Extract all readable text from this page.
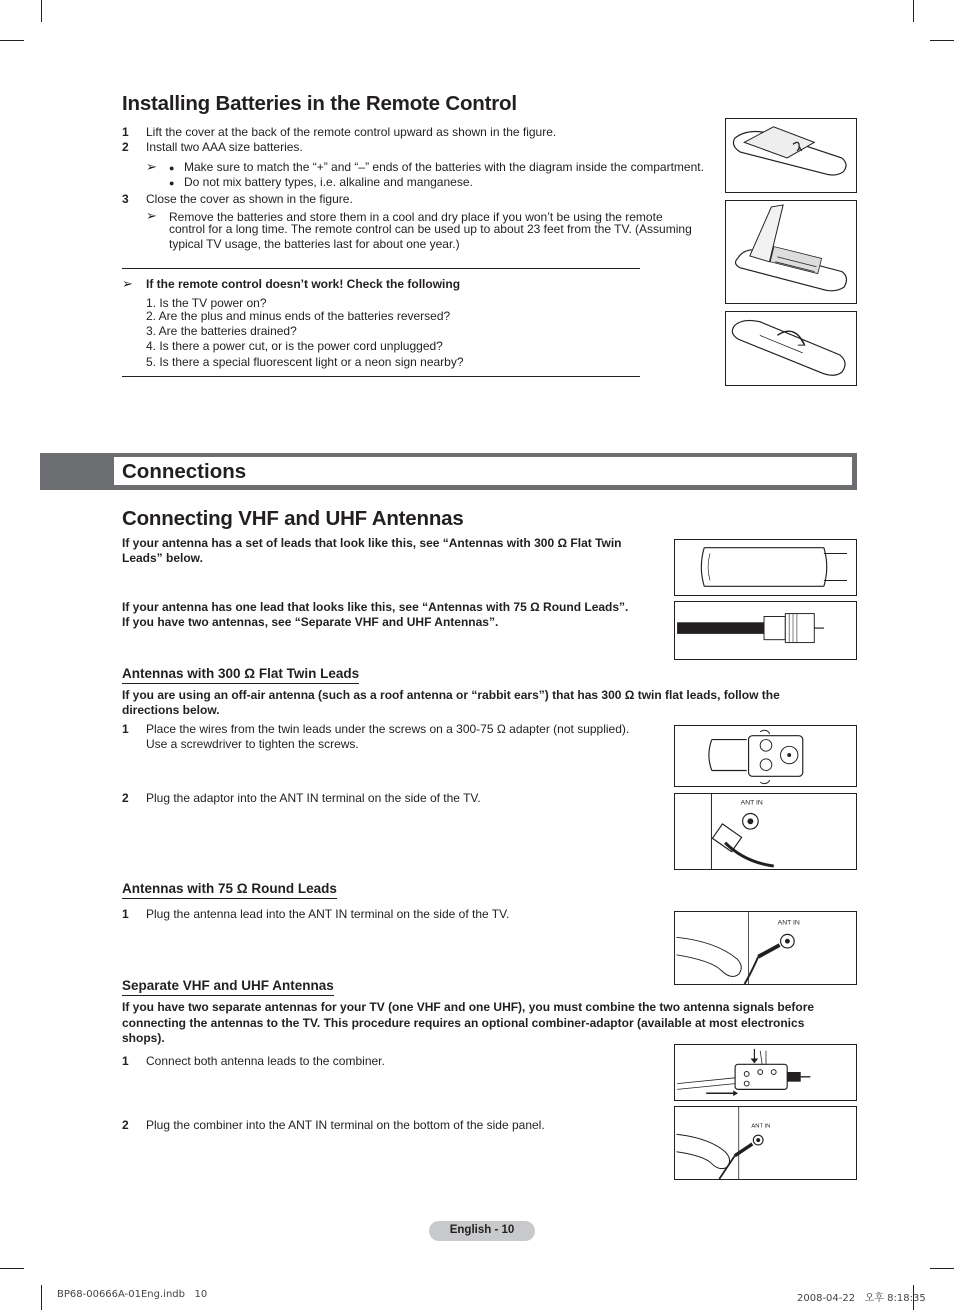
Installing Batteries in the Remote Control
1 Lift the cover at the back of the remote control upward as shown in the figure.
2 Install two AAA size batteries.
➢ ● Make sure to match the “+” and “–” ends of the batteries with the diagram inside the compartment.
● Do not mix battery types, i.e. alkaline and manganese.
3 Close the cover as shown in the figure.
➢ Remove the batteries and store them in a cool and dry place if you won’t be using the remote
control for a long time. The remote control can be used up to about 23 feet from the TV. (Assuming
typical TV usage, the batteries last for about one year.)
➢ If the remote control doesn’t work! Check the following
1. Is the TV power on?
2. Are the plus and minus ends of the batteries reversed?
3. Are the batteries drained?
4. Is there a power cut, or is the power cord unplugged?
5. Is there a special fluorescent light or a neon sign nearby?
Connections
Connecting VHF and UHF Antennas
If your antenna has a set of leads that look like this, see “Antennas with 300 Ω Flat Twin
Leads” below.
If your antenna has one lead that looks like this, see “Antennas with 75 Ω Round Leads”.
If you have two antennas, see “Separate VHF and UHF Antennas”.
Antennas with 300 Ω Flat Twin Leads
If you are using an off-air antenna (such as a roof antenna or “rabbit ears”) that has 300 Ω twin flat leads, follow the
directions below.
1 Place the wires from the twin leads under the screws on a 300-75 Ω adapter (not supplied).
Use a screwdriver to tighten the screws.
2 Plug the adaptor into the ANT IN terminal on the side of the TV.	ANT IN
Antennas with 75 Ω Round Leads
1 Plug the antenna lead into the ANT IN terminal on the side of the TV.
ANT IN
Separate VHF and UHF Antennas
If you have two separate antennas for your TV (one VHF and one UHF), you must combine the two antenna signals before
connecting the antennas to the TV. This procedure requires an optional combiner-adaptor (available at most electronics
shops).
1 Connect both antenna leads to the combiner.
2 Plug the combiner into the ANT IN terminal on the bottom of the side panel.	ANT IN
English - 10
BP68-00666A-01Eng.indb   10	2008-04-22   오후 8:18:35
